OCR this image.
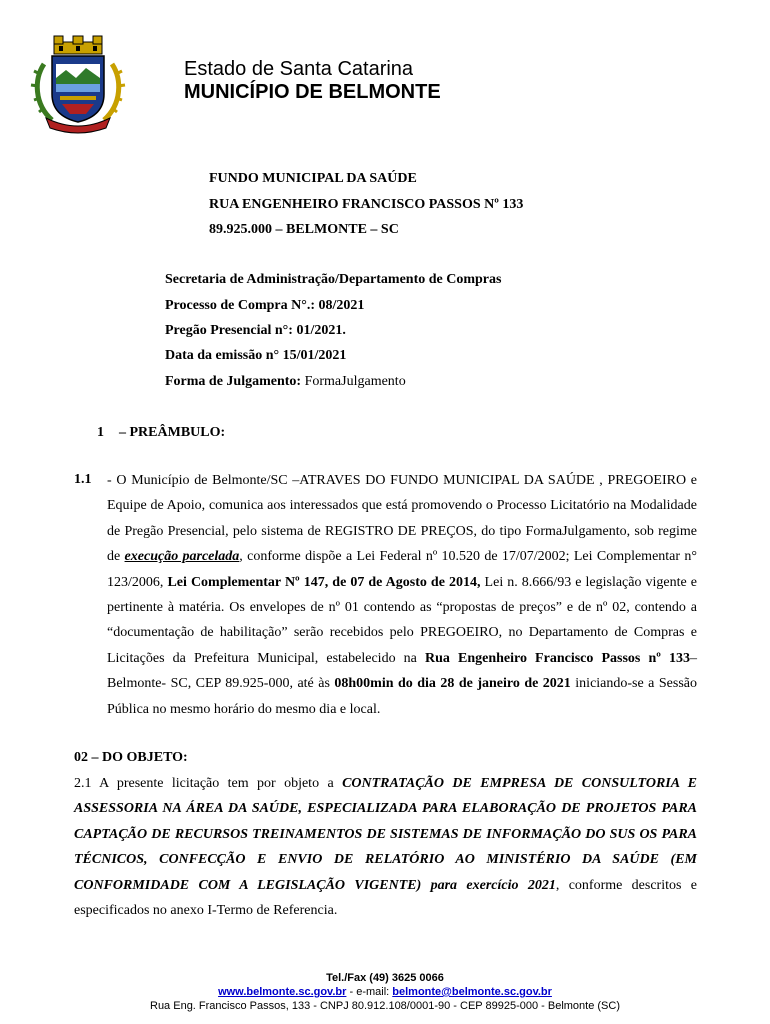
Estado de Santa Catarina
MUNICÍPIO DE BELMONTE
FUNDO MUNICIPAL DA SAÚDE
RUA ENGENHEIRO FRANCISCO PASSOS Nº 133
89.925.000 – BELMONTE – SC
Secretaria de Administração/Departamento de Compras
Processo de Compra N°.: 08/2021
Pregão Presencial n°: 01/2021.
Data da emissão n° 15/01/2021
Forma de Julgamento: FormaJulgamento
1 – PREÂMBULO:
1.1 - O Município de Belmonte/SC –ATRAVES DO FUNDO MUNICIPAL DA SAÚDE , PREGOEIRO e Equipe de Apoio, comunica aos interessados que está promovendo o Processo Licitatório na Modalidade de Pregão Presencial, pelo sistema de REGISTRO DE PREÇOS, do tipo FormaJulgamento, sob regime de execução parcelada, conforme dispõe a Lei Federal nº 10.520 de 17/07/2002; Lei Complementar n° 123/2006, Lei Complementar Nº 147, de 07 de Agosto de 2014, Lei n. 8.666/93 e legislação vigente e pertinente à matéria. Os envelopes de nº 01 contendo as “propostas de preços” e de nº 02, contendo a “documentação de habilitação” serão recebidos pelo PREGOEIRO, no Departamento de Compras e Licitações da Prefeitura Municipal, estabelecido na Rua Engenheiro Francisco Passos nº 133– Belmonte- SC, CEP 89.925-000, até às 08h00min do dia 28 de janeiro de 2021 iniciando-se a Sessão Pública no mesmo horário do mesmo dia e local.
02 – DO OBJETO:
2.1 A presente licitação tem por objeto a CONTRATAÇÃO DE EMPRESA DE CONSULTORIA E ASSESSORIA NA ÁREA DA SAÚDE, ESPECIALIZADA PARA ELABORAÇÃO DE PROJETOS PARA CAPTAÇÃO DE RECURSOS TREINAMENTOS DE SISTEMAS DE INFORMAÇÃO DO SUS OS PARA TÉCNICOS, CONFECÇÃO E ENVIO DE RELATÓRIO AO MINISTÉRIO DA SAÚDE (EM CONFORMIDADE COM A LEGISLAÇÃO VIGENTE) para exercício 2021, conforme descritos e especificados no anexo I-Termo de Referencia.
Tel./Fax (49) 3625 0066
www.belmonte.sc.gov.br - e-mail: belmonte@belmonte.sc.gov.br
Rua Eng. Francisco Passos, 133 - CNPJ 80.912.108/0001-90 - CEP 89925-000 - Belmonte (SC)
